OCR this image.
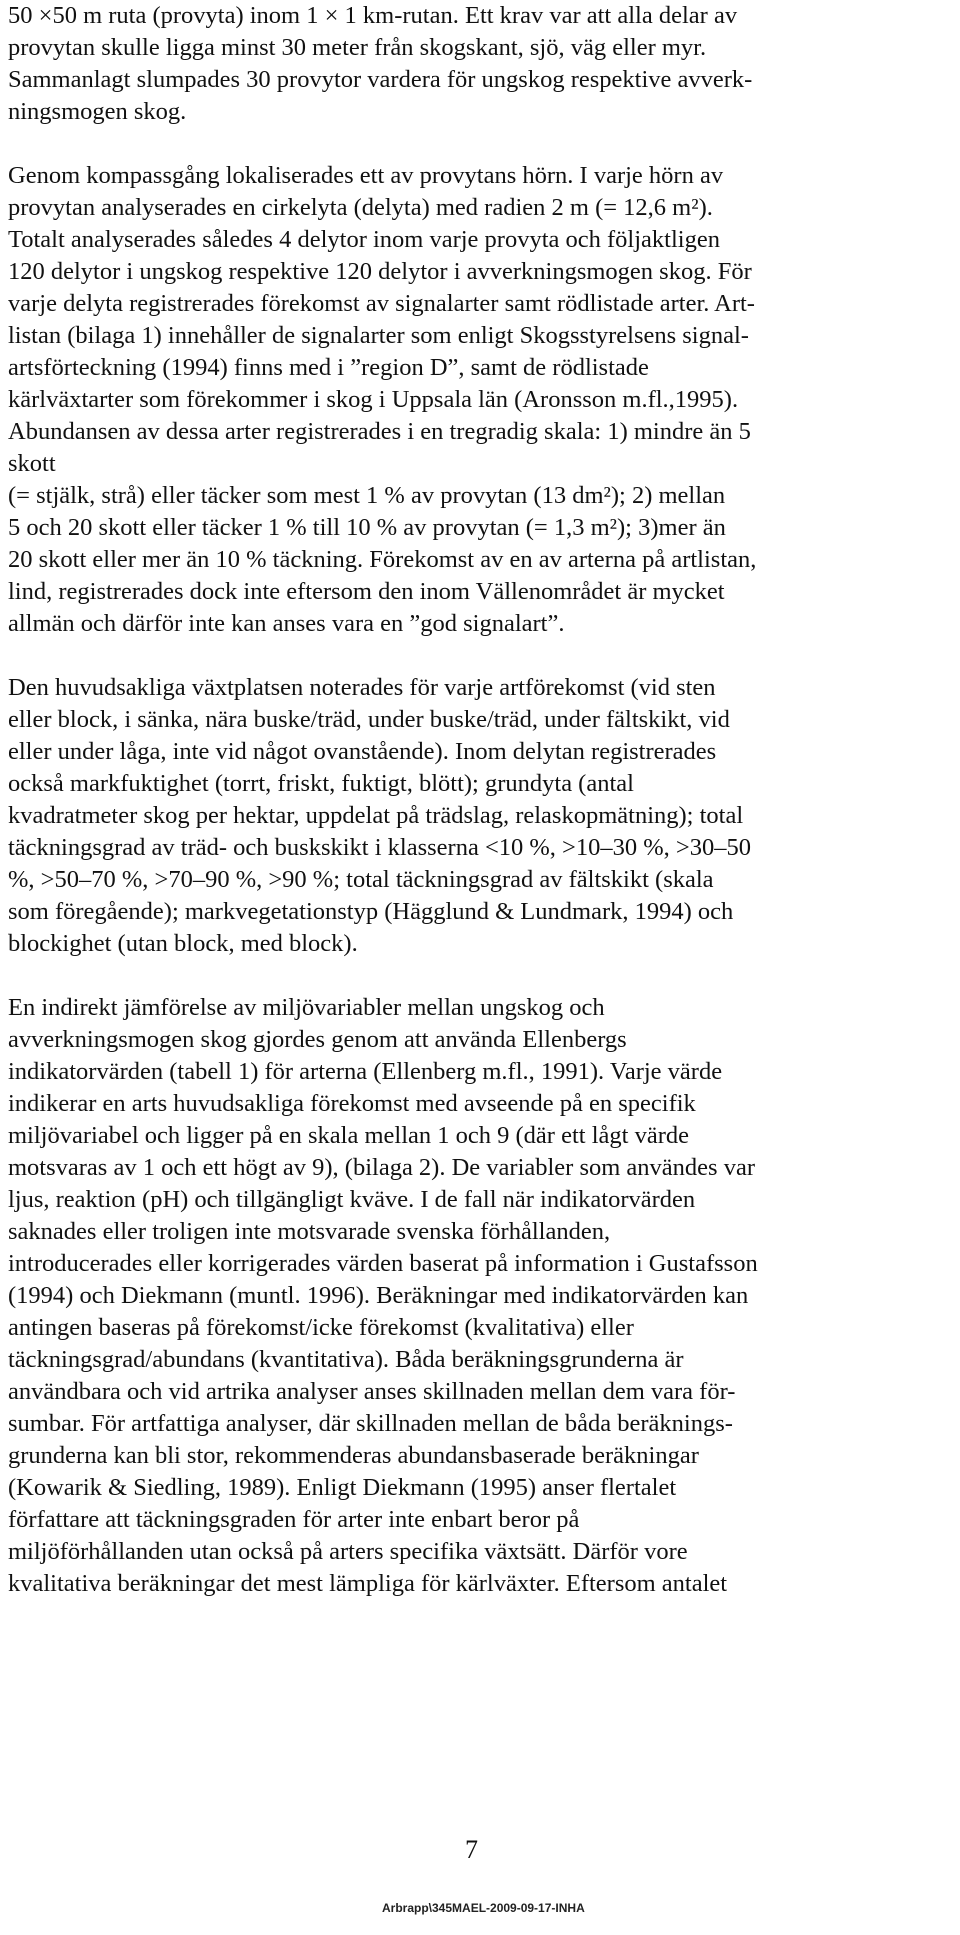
50 ×50 m ruta (provyta) inom 1 × 1 km-rutan. Ett krav var att alla delar av
provytan skulle ligga minst 30 meter från skogskant, sjö, väg eller myr.
Sammanlagt slumpades 30 provytor vardera för ungskog respektive avverk-
ningsmogen skog.
Genom kompassgång lokaliserades ett av provytans hörn. I varje hörn av
provytan analyserades en cirkelyta (delyta) med radien 2 m (= 12,6 m²).
Totalt analyserades således 4 delytor inom varje provyta och följaktligen
120 delytor i ungskog respektive 120 delytor i avverkningsmogen skog. För
varje delyta registrerades förekomst av signalarter samt rödlistade arter. Art-
listan (bilaga 1) innehåller de signalarter som enligt Skogsstyrelsens signal-
artsförteckning (1994) finns med i ”region D”, samt de rödlistade
kärlväxtarter som förekommer i skog i Uppsala län (Aronsson m.fl.,1995).
Abundansen av dessa arter registrerades i en tregradig skala: 1) mindre än 5
skott
(= stjälk, strå) eller täcker som mest 1 % av provytan (13 dm²); 2) mellan
5 och 20 skott eller täcker 1 % till 10 % av provytan (= 1,3 m²); 3)mer än
20 skott eller mer än 10 % täckning. Förekomst av en av arterna på artlistan,
lind, registrerades dock inte eftersom den inom Vällenområdet är mycket
allmän och därför inte kan anses vara en ”god signalart”.
Den huvudsakliga växtplatsen noterades för varje artförekomst (vid sten
eller block, i sänka, nära buske/träd, under buske/träd, under fältskikt, vid
eller under låga, inte vid något ovanstående). Inom delytan registrerades
också markfuktighet (torrt, friskt, fuktigt, blött); grundyta (antal
kvadratmeter skog per hektar, uppdelat på trädslag, relaskopmätning); total
täckningsgrad av träd- och buskskikt i klasserna <10 %, >10–30 %, >30–50
%, >50–70 %, >70–90 %, >90 %; total täckningsgrad av fältskikt (skala
som föregående); markvegetationstyp (Hägglund & Lundmark, 1994) och
blockighet (utan block, med block).
En indirekt jämförelse av miljövariabler mellan ungskog och
avverkningsmogen skog gjordes genom att använda Ellenbergs
indikatorvärden (tabell 1) för arterna (Ellenberg m.fl., 1991). Varje värde
indikerar en arts huvudsakliga förekomst med avseende på en specifik
miljövariabel och ligger på en skala mellan 1 och 9 (där ett lågt värde
motsvaras av 1 och ett högt av 9), (bilaga 2). De variabler som användes var
ljus, reaktion (pH) och tillgängligt kväve. I de fall när indikatorvärden
saknades eller troligen inte motsvarade svenska förhållanden,
introducerades eller korrigerades värden baserat på information i Gustafsson
(1994) och Diekmann (muntl. 1996). Beräkningar med indikatorvärden kan
antingen baseras på förekomst/icke förekomst (kvalitativa) eller
täckningsgrad/abundans (kvantitativa). Båda beräkningsgrunderna är
användbara och vid artrika analyser anses skillnaden mellan dem vara för-
sumbar. För artfattiga analyser, där skillnaden mellan de båda beräknings-
grunderna kan bli stor, rekommenderas abundansbaserade beräkningar
(Kowarik & Siedling, 1989). Enligt Diekmann (1995) anser flertalet
författare att täckningsgraden för arter inte enbart beror på
miljöförhållanden utan också på arters specifika växtsätt. Därför vore
kvalitativa beräkningar det mest lämpliga för kärlväxter. Eftersom antalet
7
Arbrapp\345MAEL-2009-09-17-INHA
